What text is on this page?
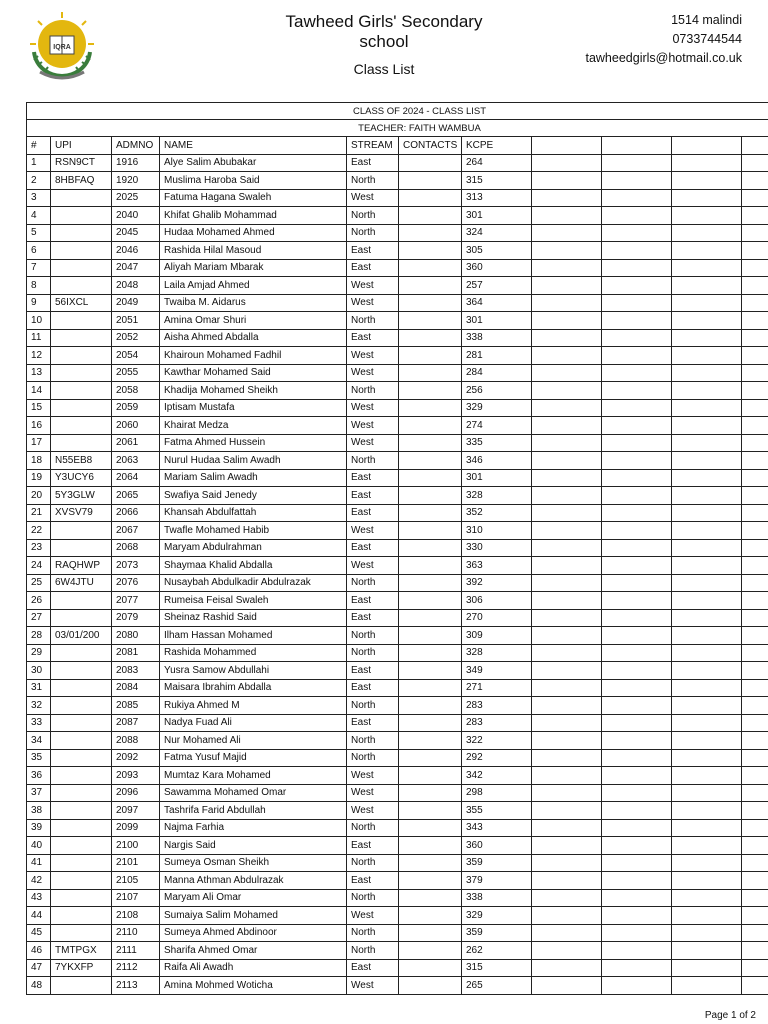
IQRA
Tawheed Girls' Secondary
school
Class List
1514 malindi
0733744544
tawheedgirls@hotmail.co.uk
CLASS OF 2024 - CLASS LIST										
TEACHER: FAITH WAMBUA										
#	UPI	ADMNO	NAME	STREAM	CONTACTS	KCPE				
1	RSN9CT	1916	Alye Salim Abubakar	East		264				
2	8HBFAQ	1920	Muslima Haroba Said	North		315				
3		2025	Fatuma Hagana Swaleh	West		313				
4		2040	Khifat Ghalib Mohammad	North		301				
5		2045	Hudaa Mohamed Ahmed	North		324				
6		2046	Rashida Hilal Masoud	East		305				
7		2047	Aliyah Mariam Mbarak	East		360				
8		2048	Laila Amjad Ahmed	West		257				
9	56IXCL	2049	Twaiba M. Aidarus	West		364				
10		2051	Amina Omar Shuri	North		301				
11		2052	Aisha Ahmed Abdalla	East		338				
12		2054	Khairoun Mohamed Fadhil	West		281				
13		2055	Kawthar Mohamed Said	West		284				
14		2058	Khadija Mohamed Sheikh	North		256				
15		2059	Iptisam Mustafa	West		329				
16		2060	Khairat Medza	West		274				
17		2061	Fatma Ahmed Hussein	West		335				
18	N55EB8	2063	Nurul Hudaa Salim Awadh	North		346				
19	Y3UCY6	2064	Mariam Salim Awadh	East		301				
20	5Y3GLW	2065	Swafiya Said Jenedy	East		328				
21	XVSV79	2066	Khansah Abdulfattah	East		352				
22		2067	Twafle Mohamed Habib	West		310				
23		2068	Maryam Abdulrahman	East		330				
24	RAQHWP	2073	Shaymaa Khalid Abdalla	West		363				
25	6W4JTU	2076	Nusaybah Abdulkadir Abdulrazak	North		392				
26		2077	Rumeisa Feisal Swaleh	East		306				
27		2079	Sheinaz Rashid Said	East		270				
28	03/01/200	2080	Ilham Hassan Mohamed	North		309				
29		2081	Rashida Mohammed	North		328				
30		2083	Yusra Samow Abdullahi	East		349				
31		2084	Maisara Ibrahim Abdalla	East		271				
32		2085	Rukiya Ahmed M	North		283				
33		2087	Nadya Fuad Ali	East		283				
34		2088	Nur Mohamed Ali	North		322				
35		2092	Fatma Yusuf Majid	North		292				
36		2093	Mumtaz Kara Mohamed	West		342				
37		2096	Sawamma Mohamed Omar	West		298				
38		2097	Tashrifa Farid Abdullah	West		355				
39		2099	Najma Farhia	North		343				
40		2100	Nargis Said	East		360				
41		2101	Sumeya Osman Sheikh	North		359				
42		2105	Manna Athman Abdulrazak	East		379				
43		2107	Maryam Ali Omar	North		338				
44		2108	Sumaiya Salim Mohamed	West		329				
45		2110	Sumeya Ahmed Abdinoor	North		359				
46	TMTPGX	2111	Sharifa Ahmed Omar	North		262				
47	7YKXFP	2112	Raifa Ali Awadh	East		315				
48		2113	Amina Mohmed Woticha	West		265				
Page 1 of 2
